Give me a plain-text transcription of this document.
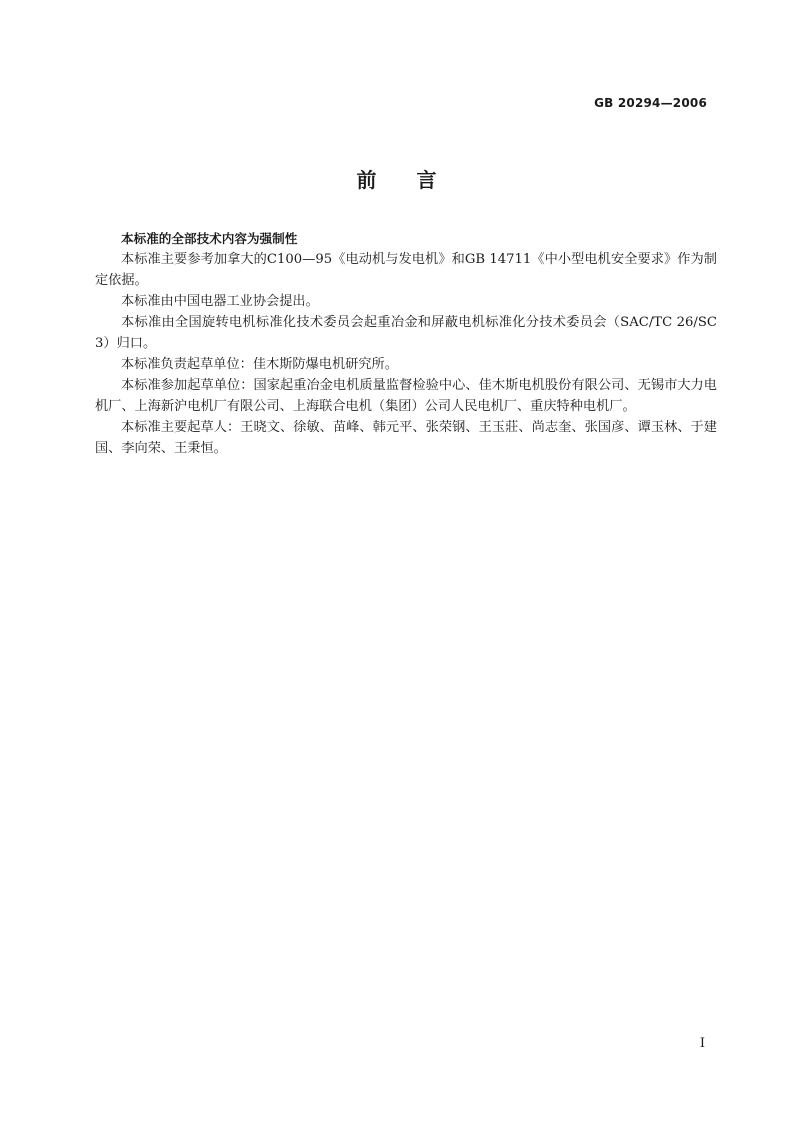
GB 20294—2006
前言

本标准的全部技术内容为强制性

本标准主要参考加拿大的C100—95《电动机与发电机》和GB 14711《中小型电机安全要求》作为制定依据。

本标准由中国电器工业协会提出。

本标准由全国旋转电机标准化技术委员会起重冶金和屏蔽电机标准化分技术委员会（SAC/TC 26/SC 3）归口。

本标准负责起草单位：佳木斯防爆电机研究所。

本标准参加起草单位：国家起重冶金电机质量监督检验中心、佳木斯电机股份有限公司、无锡市大力电机厂、上海新沪电机厂有限公司、上海联合电机（集团）公司人民电机厂、重庆特种电机厂。

本标准主要起草人：王晓文、徐敏、苗峰、韩元平、张荣钢、王玉莊、尚志奎、张国彦、谭玉林、于建国、李向荣、王秉恒。

I
